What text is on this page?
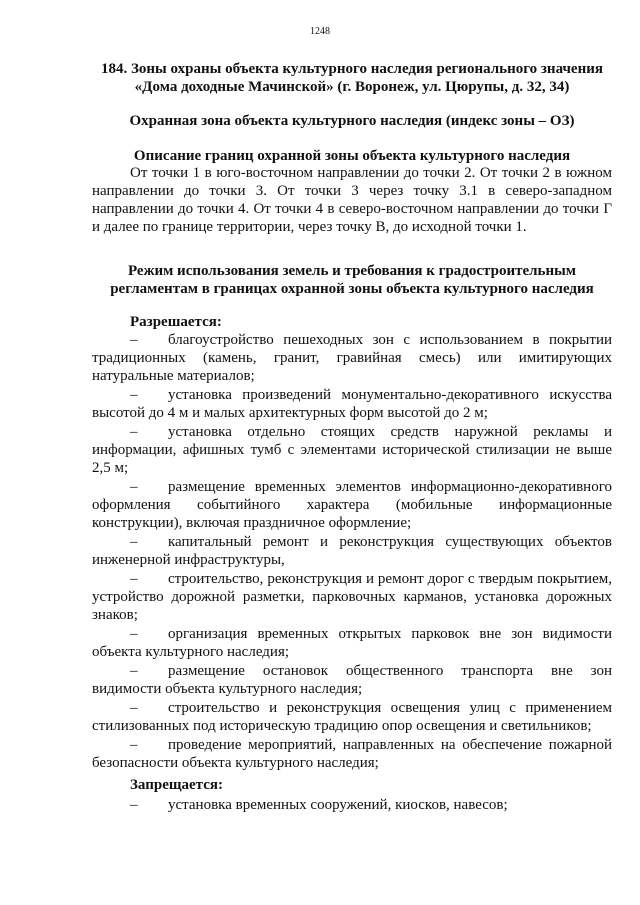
1248
184. Зоны охраны объекта культурного наследия регионального значения «Дома доходные Мачинской» (г. Воронеж, ул. Цюрупы, д. 32, 34)
Охранная зона объекта культурного наследия (индекс зоны – ОЗ)
Описание границ охранной зоны объекта культурного наследия

От точки 1 в юго-восточном направлении до точки 2. От точки 2 в южном направлении до точки 3. От точки 3 через точку 3.1 в северо-западном направлении до точки 4. От точки 4 в северо-восточном направлении до точки Г и далее по границе территории, через точку В, до исходной точки 1.

Режим использования земель и требования к градостроительным регламентам в границах охранной зоны объекта культурного наследия
Разрешается:
– благоустройство пешеходных зон с использованием в покрытии традиционных (камень, гранит, гравийная смесь) или имитирующих натуральные материалов;
– установка произведений монументально-декоративного искусства высотой до 4 м и малых архитектурных форм высотой до 2 м;
– установка отдельно стоящих средств наружной рекламы и информации, афишных тумб с элементами исторической стилизации не выше 2,5 м;
– размещение временных элементов информационно-декоративного оформления событийного характера (мобильные информационные конструкции), включая праздничное оформление;
– капитальный ремонт и реконструкция существующих объектов инженерной инфраструктуры,
– строительство, реконструкция и ремонт дорог с твердым покрытием, устройство дорожной разметки, парковочных карманов, установка дорожных знаков;
– организация временных открытых парковок вне зон видимости объекта культурного наследия;
– размещение остановок общественного транспорта вне зон видимости объекта культурного наследия;
– строительство и реконструкция освещения улиц с применением стилизованных под историческую традицию опор освещения и светильников;
– проведение мероприятий, направленных на обеспечение пожарной безопасности объекта культурного наследия;
Запрещается:
– установка временных сооружений, киосков, навесов;
